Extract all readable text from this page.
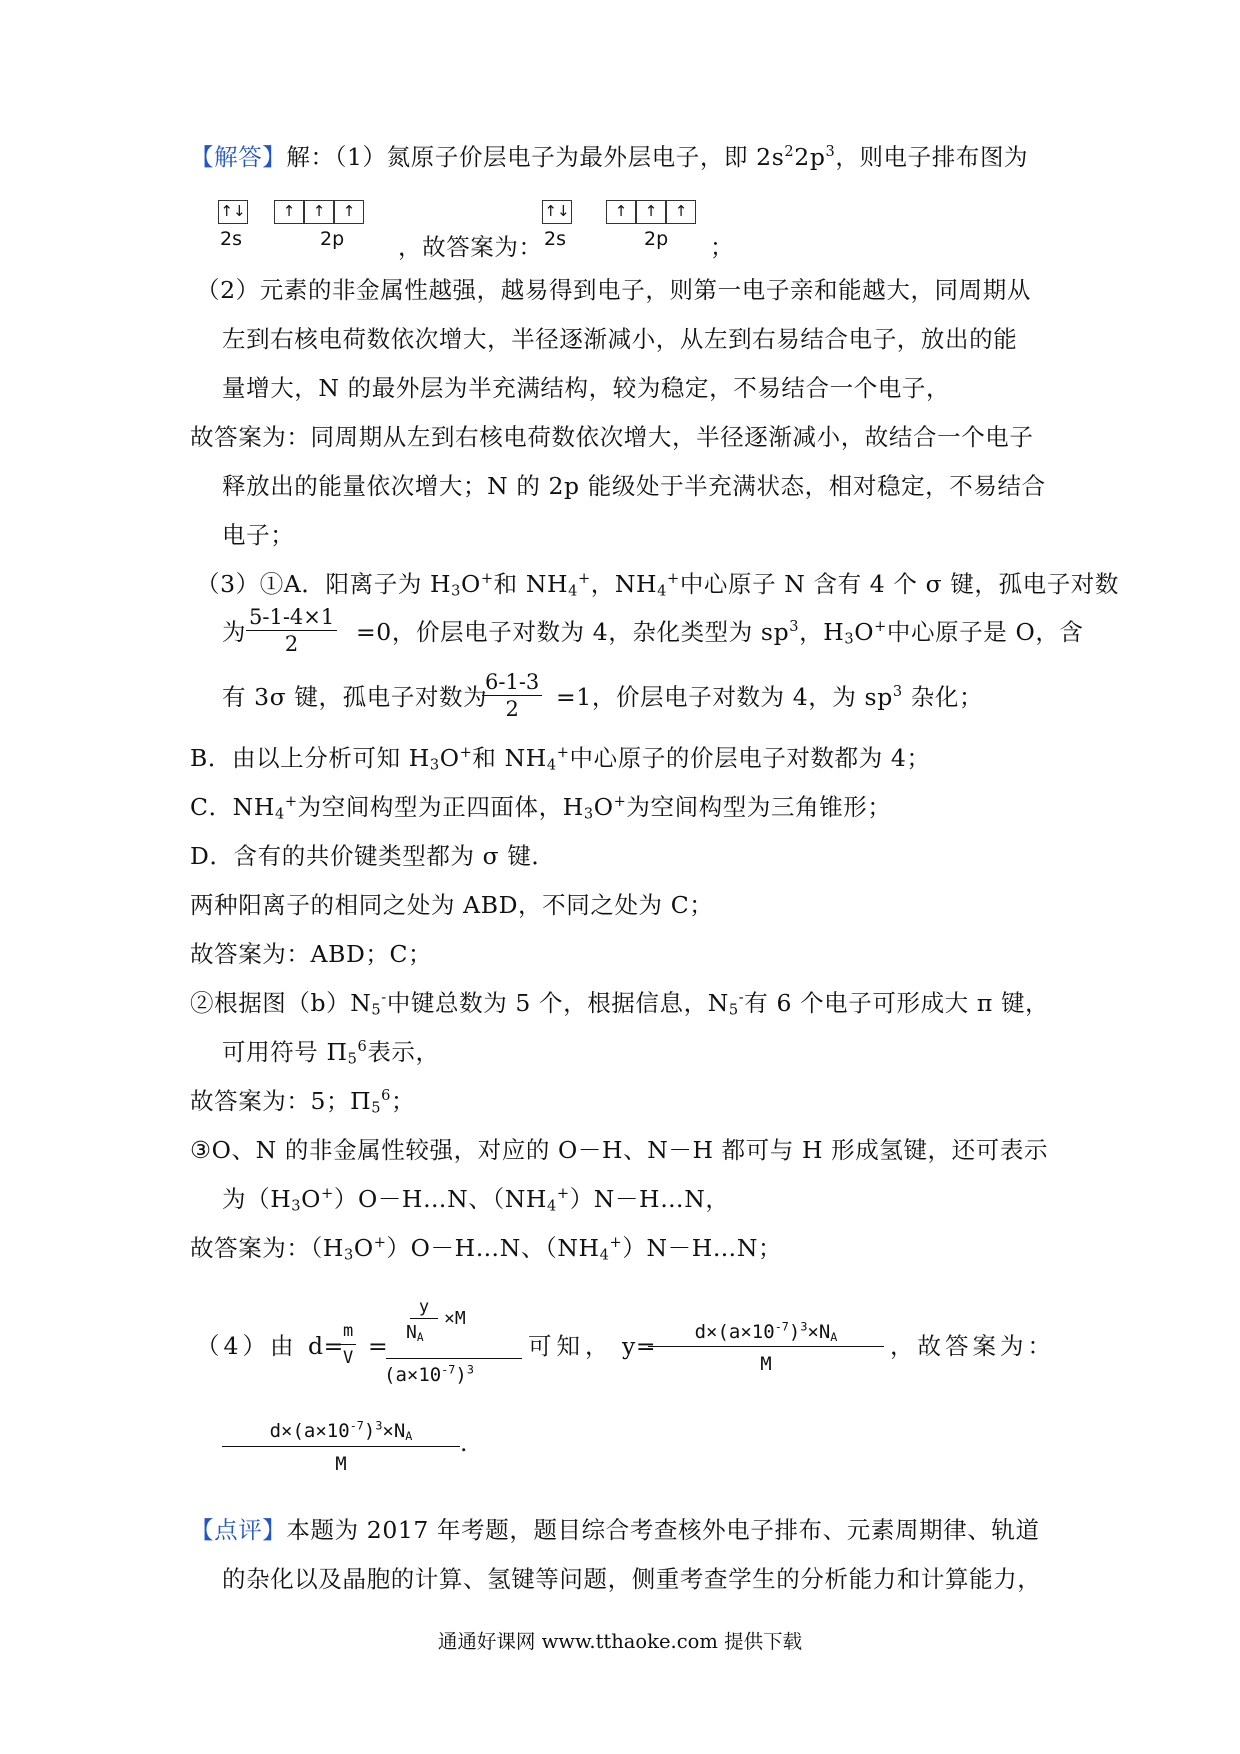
【解答】解：（1）氮原子价层电子为最外层电子，即 $2s^22p^3$，则电子排布图为
↑↓	↑	↑	↑
2s	2p ，故答案为：
↑↓	↑	↑	↑
2s	2p ；
（2）元素的非金属性越强，越易得到电子，则第一电子亲和能越大，同周期从
左到右核电荷数依次增大，半径逐渐减小，从左到右易结合电子，放出的能
量增大，N 的最外层为半充满结构，较为稳定，不易结合一个电子，
故答案为：同周期从左到右核电荷数依次增大，半径逐渐减小，故结合一个电子
释放出的能量依次增大；N 的 2p 能级处于半充满状态，相对稳定，不易结合
电子；
（3）①A．阳离子为 $H_3O^+$和 $NH_4^+$，$NH_4^+$中心原子 N 含有 4 个 σ 键，孤电子对数
为 $\frac{5-1-4\times 1}{2} =0$，价层电子对数为 4，杂化类型为 $sp^3$，$H_3O^+$中心原子是 O，含
有 3σ 键，孤电子对数为
$\frac{6-1-3}{2} =1$，价层电子对数为 4，为 $sp^3$ 杂化；
B．由以上分析可知 $H_3O^+$和 $NH_4^+$中心原子的价层电子对数都为 4；
C．$NH_4^+$为空间构型为正四面体，$H_3O^+$为空间构型为三角锥形；
D．含有的共价键类型都为 σ 键．
两种阳离子的相同之处为 ABD，不同之处为 C；
故答案为：ABD；C；
②根据图$(b)N_5^-$中键总数为 5 个，根据信息，$N_5^-$有 6 个电子可形成大 π 键，
可用符号 $\Pi_5^6$表示，
故答案为：5；$\Pi_5^6$；
③O、N 的非金属性较强，对应的 O－H、N－H 都可与 H 形成氢键，还可表示
为$(H_3O^+)O-H\dots N$、$(NH_4^+)N-H\dots N$，
故答案为：$(H_3O^+)O-H\dots N$、$(NH_4^+)N-H\dots N$；
（4）由 d=
$\frac{m}{V}$ =
y
$N_A$
×M
$(a\times 10^{-7})^3$
可知， y=	$d\times(a\times 10^{-7})^3\times N_A$
M
，故答案为：
$d\times(a\times 10^{-7})^3\times N_A$
M
.
【点评】本题为 2017 年考题，题目综合考查核外电子排布、元素周期律、轨道
的杂化以及晶胞的计算、氢键等问题，侧重考查学生的分析能力和计算能力，
通通好课网 www.tthaoke.com 提供下载
